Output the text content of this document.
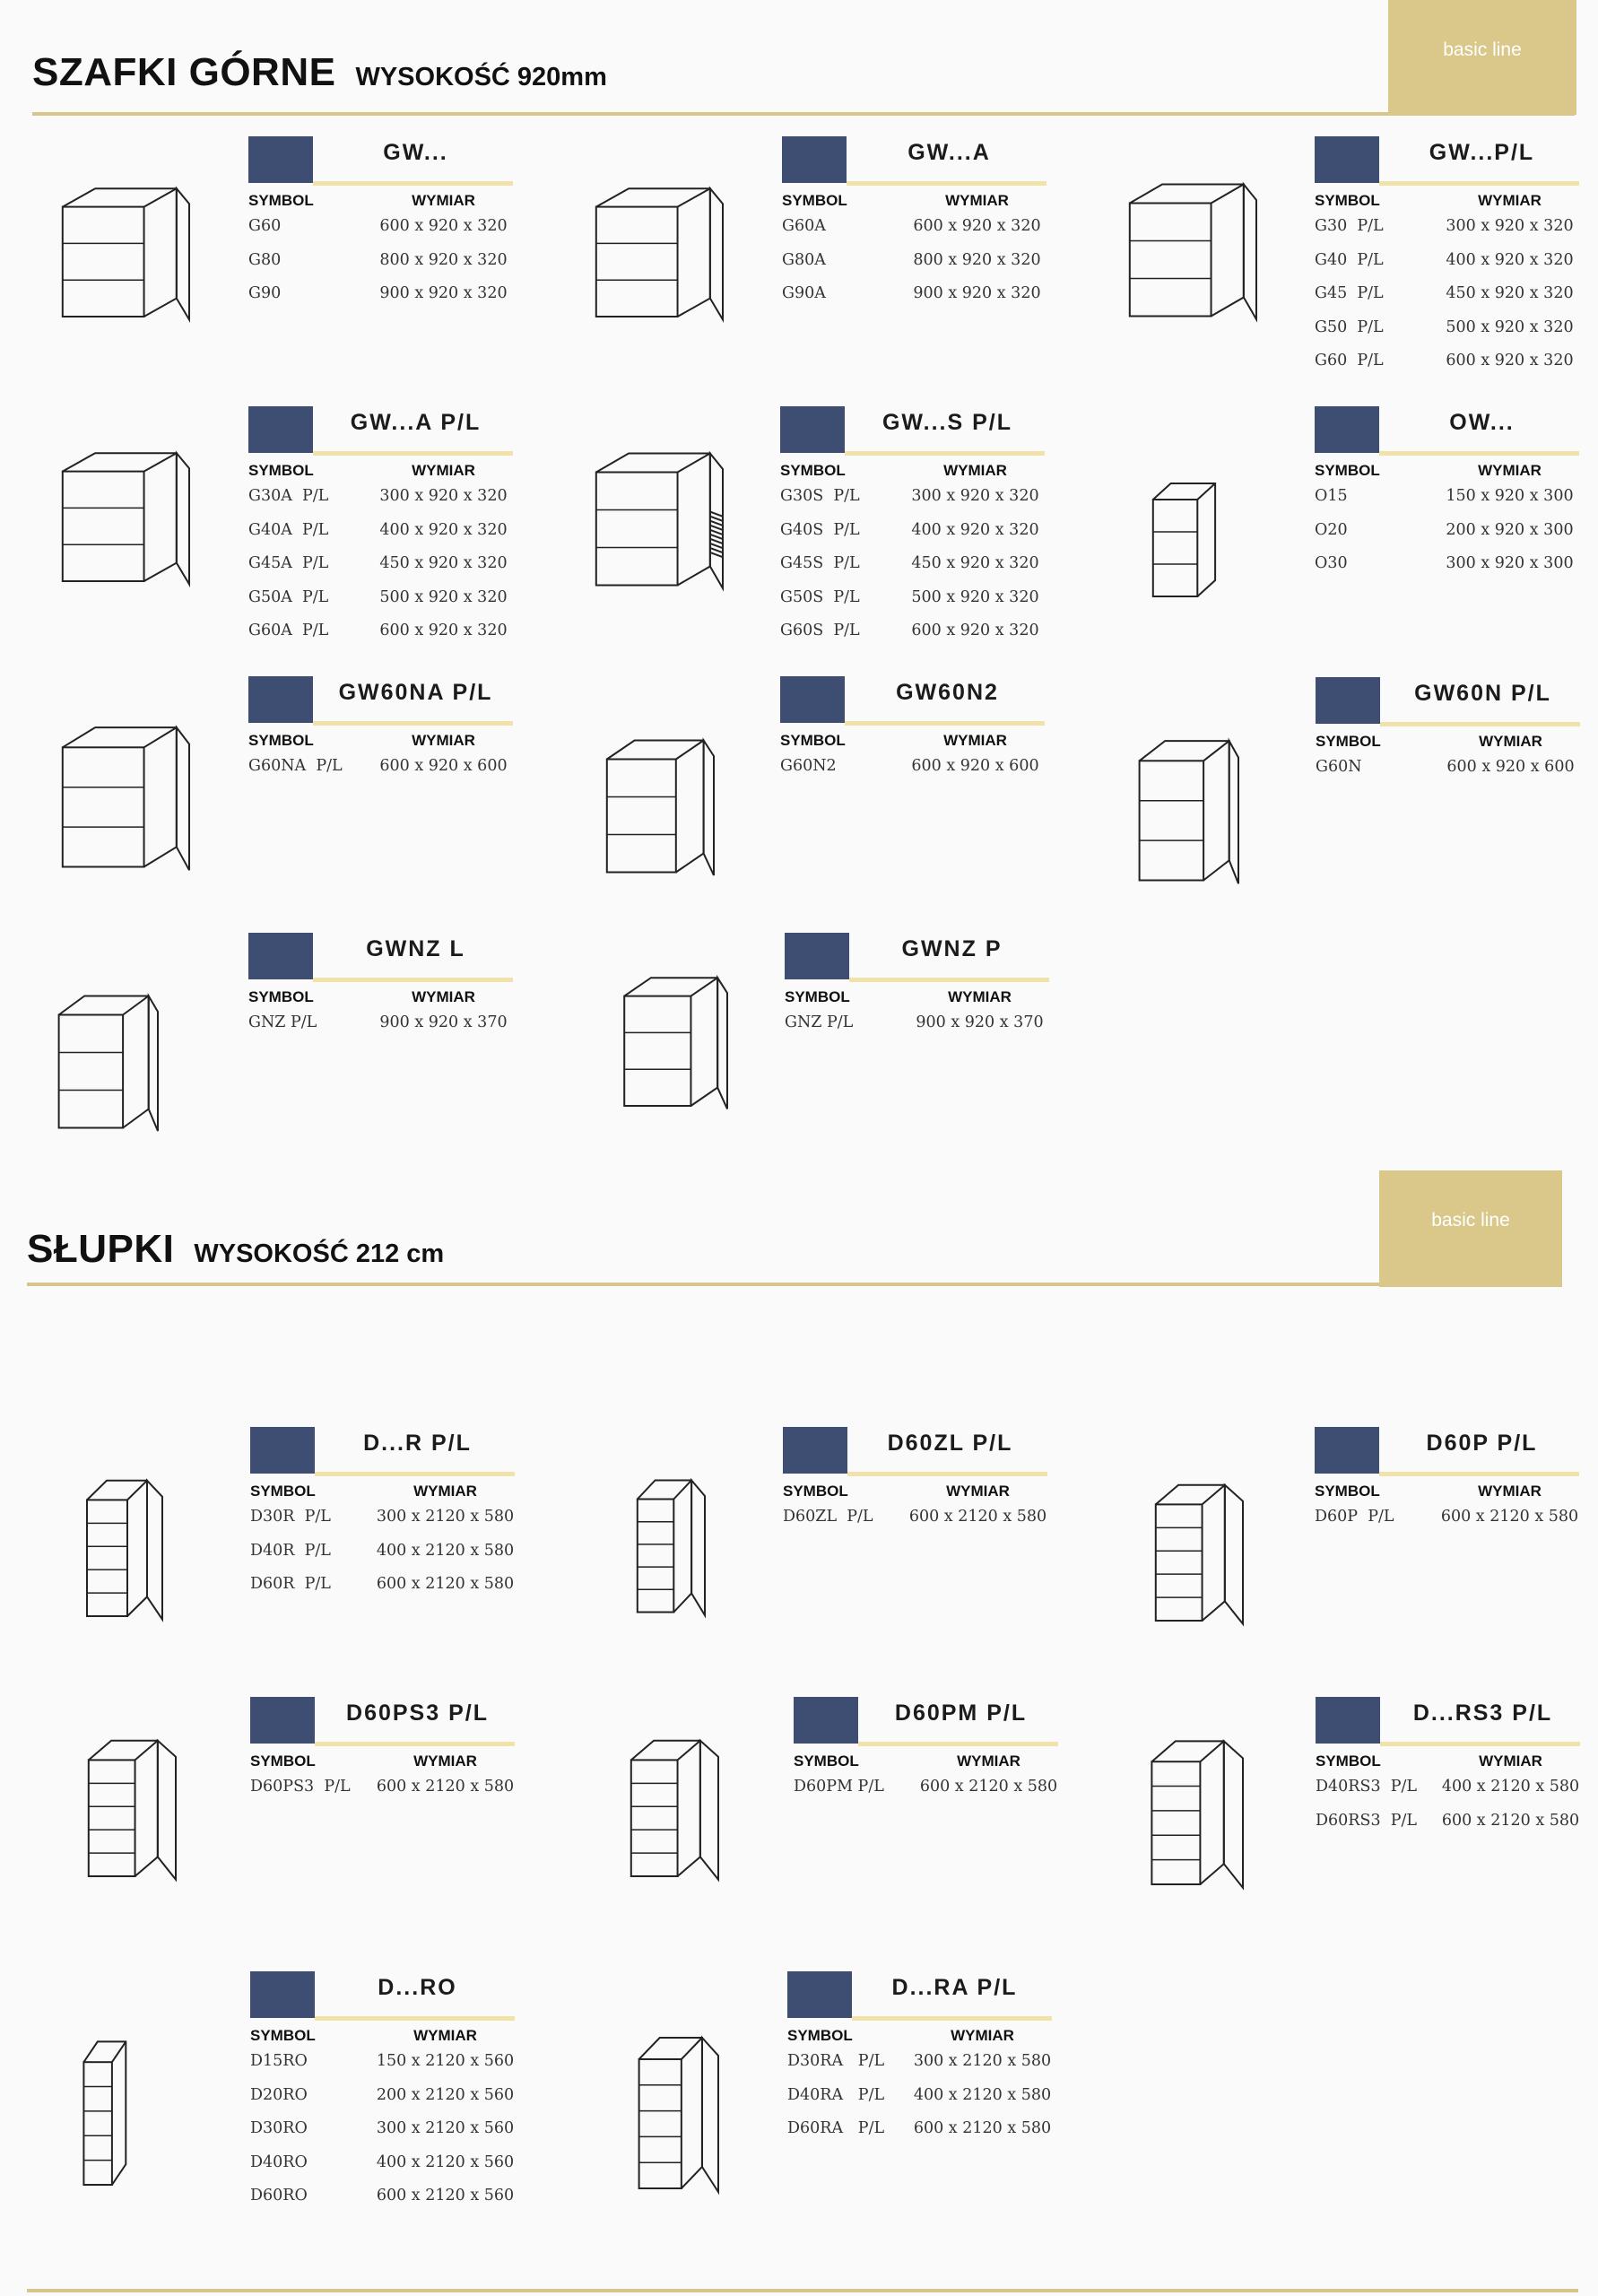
SZAFKI GÓRNE WYSOKOŚĆ 920mm
basic line
SŁUPKI WYSOKOŚĆ 212 cm
basic line
GW...
SYMBOL	WYMIAR
G60	600 x 920 x 320
G80	800 x 920 x 320
G90	900 x 920 x 320
GW...A
SYMBOL	WYMIAR
G60A	600 x 920 x 320
G80A	800 x 920 x 320
G90A	900 x 920 x 320
GW...P/L
SYMBOL	WYMIAR
G30  P/L	300 x 920 x 320
G40  P/L	400 x 920 x 320
G45  P/L	450 x 920 x 320
G50  P/L	500 x 920 x 320
G60  P/L	600 x 920 x 320
GW...A P/L
SYMBOL	WYMIAR
G30A  P/L	300 x 920 x 320
G40A  P/L	400 x 920 x 320
G45A  P/L	450 x 920 x 320
G50A  P/L	500 x 920 x 320
G60A  P/L	600 x 920 x 320
GW...S P/L
SYMBOL	WYMIAR
G30S  P/L	300 x 920 x 320
G40S  P/L	400 x 920 x 320
G45S  P/L	450 x 920 x 320
G50S  P/L	500 x 920 x 320
G60S  P/L	600 x 920 x 320
OW...
SYMBOL	WYMIAR
O15	150 x 920 x 300
O20	200 x 920 x 300
O30	300 x 920 x 300
GW60NA P/L
SYMBOL	WYMIAR
G60NA  P/L	600 x 920 x 600
GW60N2
SYMBOL	WYMIAR
G60N2	600 x 920 x 600
GW60N P/L
SYMBOL	WYMIAR
G60N	600 x 920 x 600
GWNZ L
SYMBOL	WYMIAR
GNZ P/L	900 x 920 x 370
GWNZ P
SYMBOL	WYMIAR
GNZ P/L	900 x 920 x 370
D...R P/L
SYMBOL	WYMIAR
D30R  P/L	300 x 2120 x 580
D40R  P/L	400 x 2120 x 580
D60R  P/L	600 x 2120 x 580
D60ZL P/L
SYMBOL	WYMIAR
D60ZL  P/L	600 x 2120 x 580
D60P P/L
SYMBOL	WYMIAR
D60P  P/L	600 x 2120 x 580
D60PS3 P/L
SYMBOL	WYMIAR
D60PS3  P/L	600 x 2120 x 580
D60PM P/L
SYMBOL	WYMIAR
D60PM P/L	600 x 2120 x 580
D...RS3 P/L
SYMBOL	WYMIAR
D40RS3  P/L	400 x 2120 x 580
D60RS3  P/L	600 x 2120 x 580
D...RO
SYMBOL	WYMIAR
D15RO	150 x 2120 x 560
D20RO	200 x 2120 x 560
D30RO	300 x 2120 x 560
D40RO	400 x 2120 x 560
D60RO	600 x 2120 x 560
D...RA P/L
SYMBOL	WYMIAR
D30RA   P/L	300 x 2120 x 580
D40RA   P/L	400 x 2120 x 580
D60RA   P/L	600 x 2120 x 580
